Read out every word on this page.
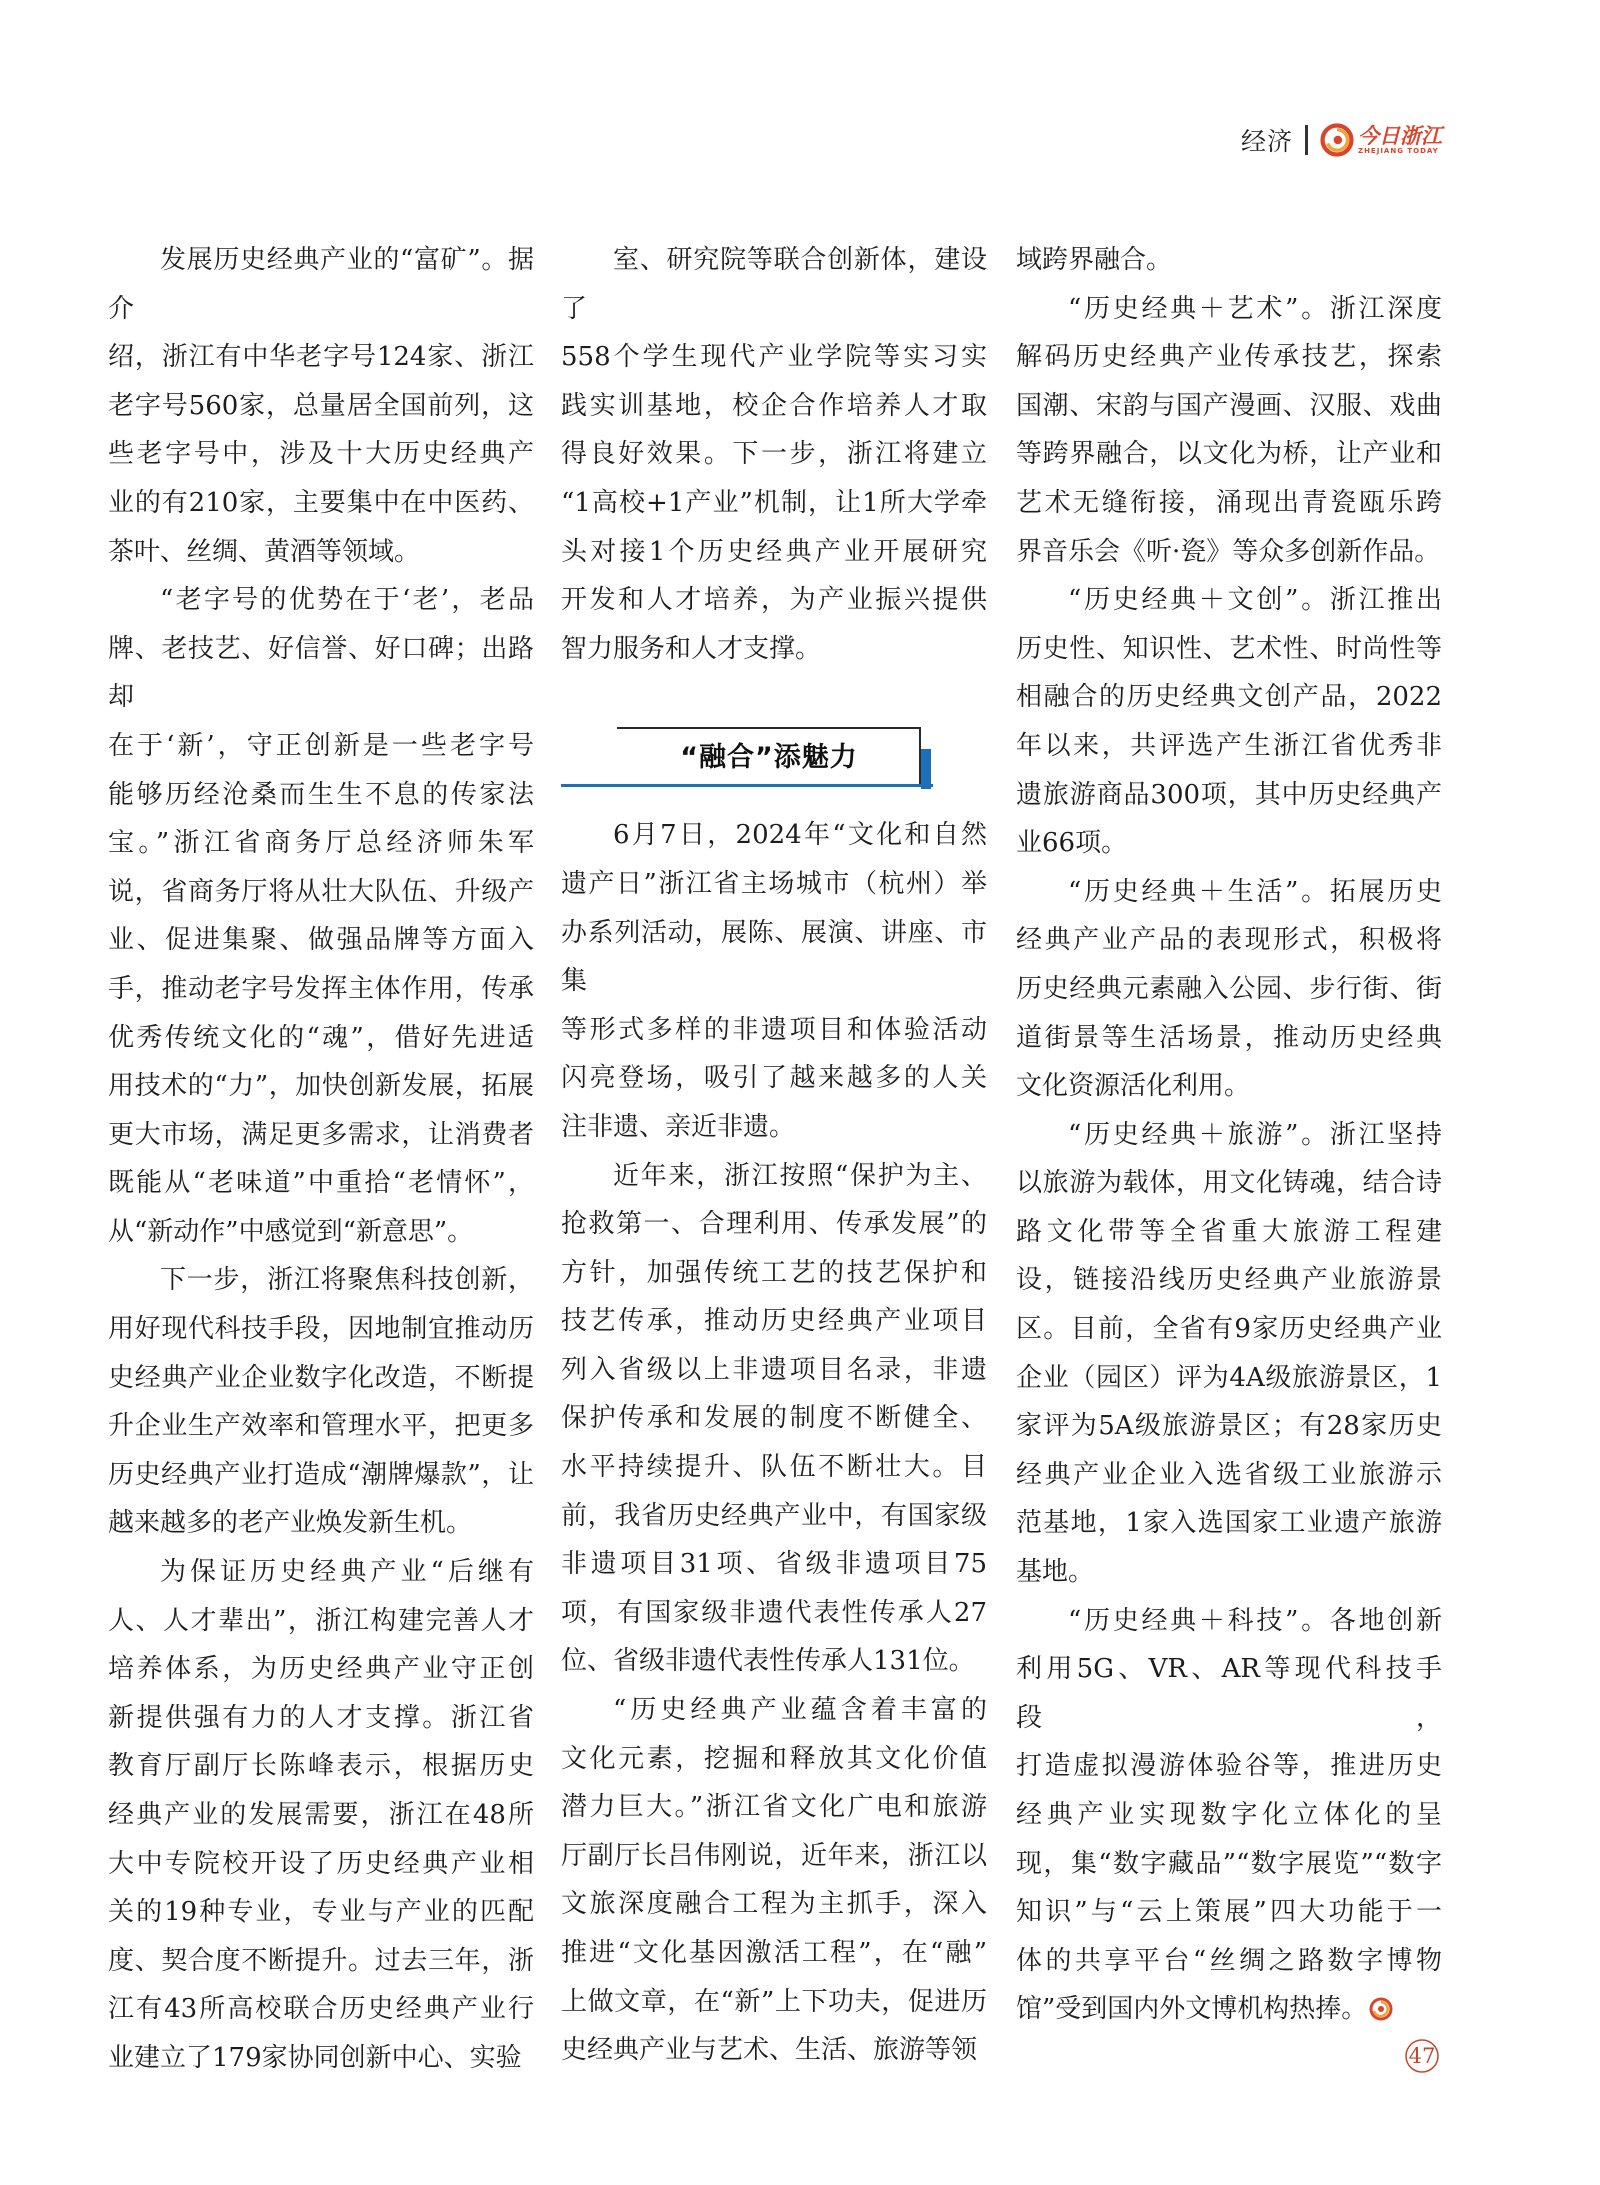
经济	今日浙江
ZHEJIANG TODAY

发展历史经典产业的“富矿”。据介

绍，浙江有中华老字号124家、浙江

老字号560家，总量居全国前列，这

些老字号中，涉及十大历史经典产

业的有210家，主要集中在中医药、

茶叶、丝绸、黄酒等领域。

“老字号的优势在于‘老’，老品

牌、老技艺、好信誉、好口碑；出路却

在于‘新’，守正创新是一些老字号

能够历经沧桑而生生不息的传家法

宝。”浙江省商务厅总经济师朱军

说，省商务厅将从壮大队伍、升级产

业、促进集聚、做强品牌等方面入

手，推动老字号发挥主体作用，传承

优秀传统文化的“魂”，借好先进适

用技术的“力”，加快创新发展，拓展

更大市场，满足更多需求，让消费者

既能从“老味道”中重拾“老情怀”，

从“新动作”中感觉到“新意思”。

下一步，浙江将聚焦科技创新，

用好现代科技手段，因地制宜推动历

史经典产业企业数字化改造，不断提

升企业生产效率和管理水平，把更多

历史经典产业打造成“潮牌爆款”，让

越来越多的老产业焕发新生机。

为保证历史经典产业“后继有

人、人才辈出”，浙江构建完善人才

培养体系，为历史经典产业守正创

新提供强有力的人才支撑。浙江省

教育厅副厅长陈峰表示，根据历史

经典产业的发展需要，浙江在48所

大中专院校开设了历史经典产业相

关的19种专业，专业与产业的匹配

度、契合度不断提升。过去三年，浙

江有43所高校联合历史经典产业行

业建立了179家协同创新中心、实验

室、研究院等联合创新体，建设了

558个学生现代产业学院等实习实

践实训基地，校企合作培养人才取

得良好效果。下一步，浙江将建立

“1高校+1产业”机制，让1所大学牵

头对接1个历史经典产业开展研究

开发和人才培养，为产业振兴提供

智力服务和人才支撑。

“融合”添魅力

6月7日，2024年“文化和自然

遗产日”浙江省主场城市（杭州）举

办系列活动，展陈、展演、讲座、市集

等形式多样的非遗项目和体验活动

闪亮登场，吸引了越来越多的人关

注非遗、亲近非遗。

近年来，浙江按照“保护为主、

抢救第一、合理利用、传承发展”的

方针，加强传统工艺的技艺保护和

技艺传承，推动历史经典产业项目

列入省级以上非遗项目名录，非遗

保护传承和发展的制度不断健全、

水平持续提升、队伍不断壮大。目

前，我省历史经典产业中，有国家级

非遗项目31项、省级非遗项目75

项，有国家级非遗代表性传承人27

位、省级非遗代表性传承人131位。

“历史经典产业蕴含着丰富的

文化元素，挖掘和释放其文化价值

潜力巨大。”浙江省文化广电和旅游

厅副厅长吕伟刚说，近年来，浙江以

文旅深度融合工程为主抓手，深入

推进“文化基因激活工程”，在“融”

上做文章，在“新”上下功夫，促进历

史经典产业与艺术、生活、旅游等领

域跨界融合。

“历史经典＋艺术”。浙江深度

解码历史经典产业传承技艺，探索

国潮、宋韵与国产漫画、汉服、戏曲

等跨界融合，以文化为桥，让产业和

艺术无缝衔接，涌现出青瓷瓯乐跨

界音乐会《听·瓷》等众多创新作品。

“历史经典＋文创”。浙江推出

历史性、知识性、艺术性、时尚性等

相融合的历史经典文创产品，2022

年以来，共评选产生浙江省优秀非

遗旅游商品300项，其中历史经典产

业66项。

“历史经典＋生活”。拓展历史

经典产业产品的表现形式，积极将

历史经典元素融入公园、步行街、街

道街景等生活场景，推动历史经典

文化资源活化利用。

“历史经典＋旅游”。浙江坚持

以旅游为载体，用文化铸魂，结合诗

路文化带等全省重大旅游工程建

设，链接沿线历史经典产业旅游景

区。目前，全省有9家历史经典产业

企业（园区）评为4A级旅游景区，1

家评为5A级旅游景区；有28家历史

经典产业企业入选省级工业旅游示

范基地，1家入选国家工业遗产旅游

基地。

“历史经典＋科技”。各地创新

利用5G、VR、AR等现代科技手段，

打造虚拟漫游体验谷等，推进历史

经典产业实现数字化立体化的呈

现，集“数字藏品”“数字展览”“数字

知识”与“云上策展”四大功能于一

体的共享平台“丝绸之路数字博物

馆”受到国内外文博机构热捧。

47
